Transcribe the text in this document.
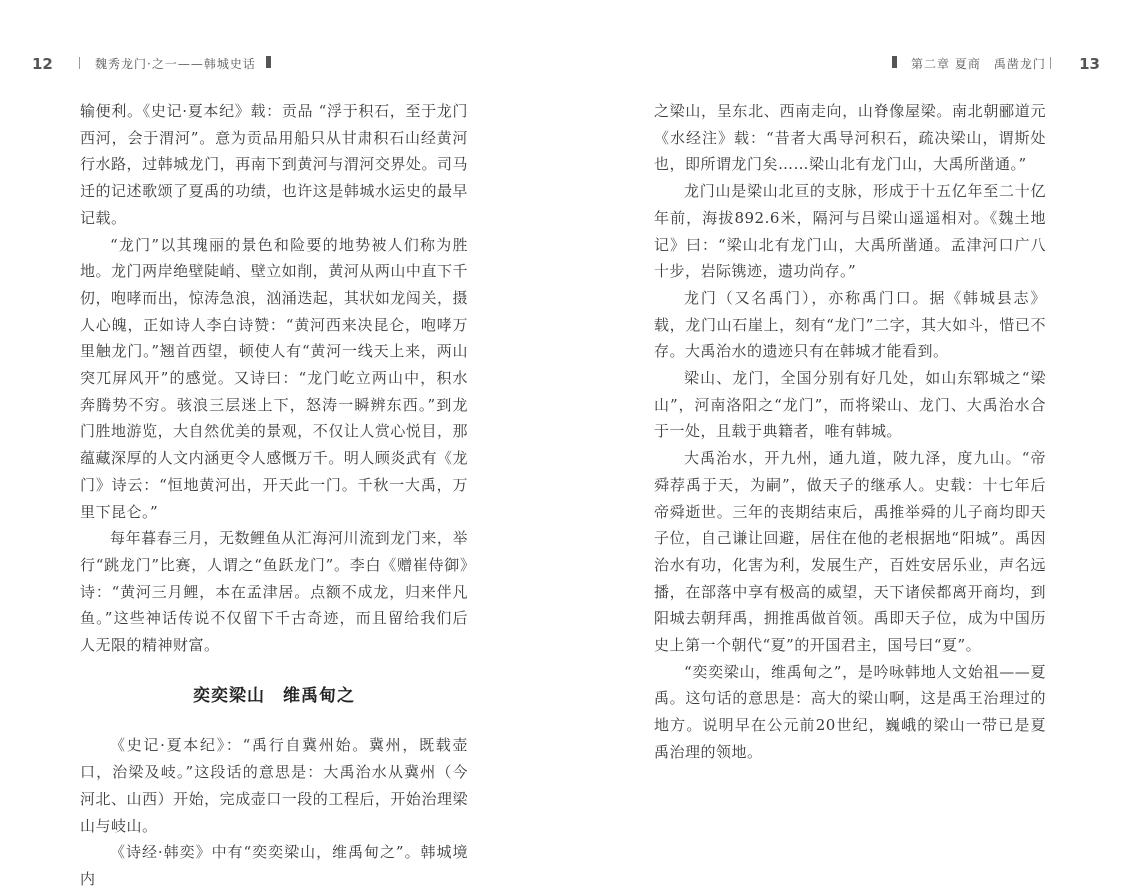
12	魏秀龙门·之一——韩城史话

输便利。《史记·夏本纪》载：贡品 “浮于积石，至于龙门西河，会于渭河”。意为贡品用船只从甘肃积石山经黄河行水路，过韩城龙门，再南下到黄河与渭河交界处。司马迁的记述歌颂了夏禹的功绩，也许这是韩城水运史的最早记载。

“龙门”以其瑰丽的景色和险要的地势被人们称为胜地。龙门两岸绝壁陡峭、壁立如削，黄河从两山中直下千仞，咆哮而出，惊涛急浪，汹涌迭起，其状如龙闯关，摄人心魄，正如诗人李白诗赞：“黄河西来决昆仑，咆哮万里触龙门。”翘首西望，顿使人有“黄河一线天上来，两山突兀屏风开”的感觉。又诗曰：“龙门屹立两山中，积水奔腾势不穷。骇浪三层迷上下，怒涛一瞬辨东西。”到龙门胜地游览，大自然优美的景观，不仅让人赏心悦目，那蕴藏深厚的人文内涵更令人感慨万千。明人顾炎武有《龙门》诗云：“恒地黄河出，开天此一门。千秋一大禹，万里下昆仑。”

每年暮春三月，无数鲤鱼从汇海河川流到龙门来，举行“跳龙门”比赛，人谓之“鱼跃龙门”。李白《赠崔侍御》诗：“黄河三月鲤，本在孟津居。点额不成龙，归来伴凡鱼。”这些神话传说不仅留下千古奇迹，而且留给我们后人无限的精神财富。

奕奕梁山　维禹甸之

《史记·夏本纪》：“禹行自冀州始。冀州，既载壶口，治梁及岐。”这段话的意思是：大禹治水从冀州（今河北、山西）开始，完成壶口一段的工程后，开始治理梁山与岐山。

《诗经·韩奕》中有“奕奕梁山，维禹甸之”。韩城境内

第二章 夏商　禹凿龙门 13

之梁山，呈东北、西南走向，山脊像屋梁。南北朝郦道元《水经注》载：“昔者大禹导河积石，疏决梁山，谓斯处也，即所谓龙门矣……梁山北有龙门山，大禹所凿通。”

龙门山是梁山北亘的支脉，形成于十五亿年至二十亿年前，海拔892.6米，隔河与吕梁山遥遥相对。《魏土地记》曰：“梁山北有龙门山，大禹所凿通。孟津河口广八十步，岩际镌迹，遗功尚存。”

龙门（又名禹门），亦称禹门口。据《韩城县志》载，龙门山石崖上，刻有“龙门”二字，其大如斗，惜已不存。大禹治水的遗迹只有在韩城才能看到。

梁山、龙门，全国分别有好几处，如山东郓城之“梁山”，河南洛阳之“龙门”，而将梁山、龙门、大禹治水合于一处，且载于典籍者，唯有韩城。

大禹治水，开九州，通九道，陂九泽，度九山。“帝舜荐禹于天，为嗣”，做天子的继承人。史载：十七年后帝舜逝世。三年的丧期结束后，禹推举舜的儿子商均即天子位，自己谦让回避，居住在他的老根据地“阳城”。禹因治水有功，化害为利，发展生产，百姓安居乐业，声名远播，在部落中享有极高的威望，天下诸侯都离开商均，到阳城去朝拜禹，拥推禹做首领。禹即天子位，成为中国历史上第一个朝代“夏”的开国君主，国号曰“夏”。

“奕奕梁山，维禹甸之”，是吟咏韩地人文始祖——夏禹。这句话的意思是：高大的梁山啊，这是禹王治理过的地方。说明早在公元前20世纪，巍峨的梁山一带已是夏禹治理的领地。
